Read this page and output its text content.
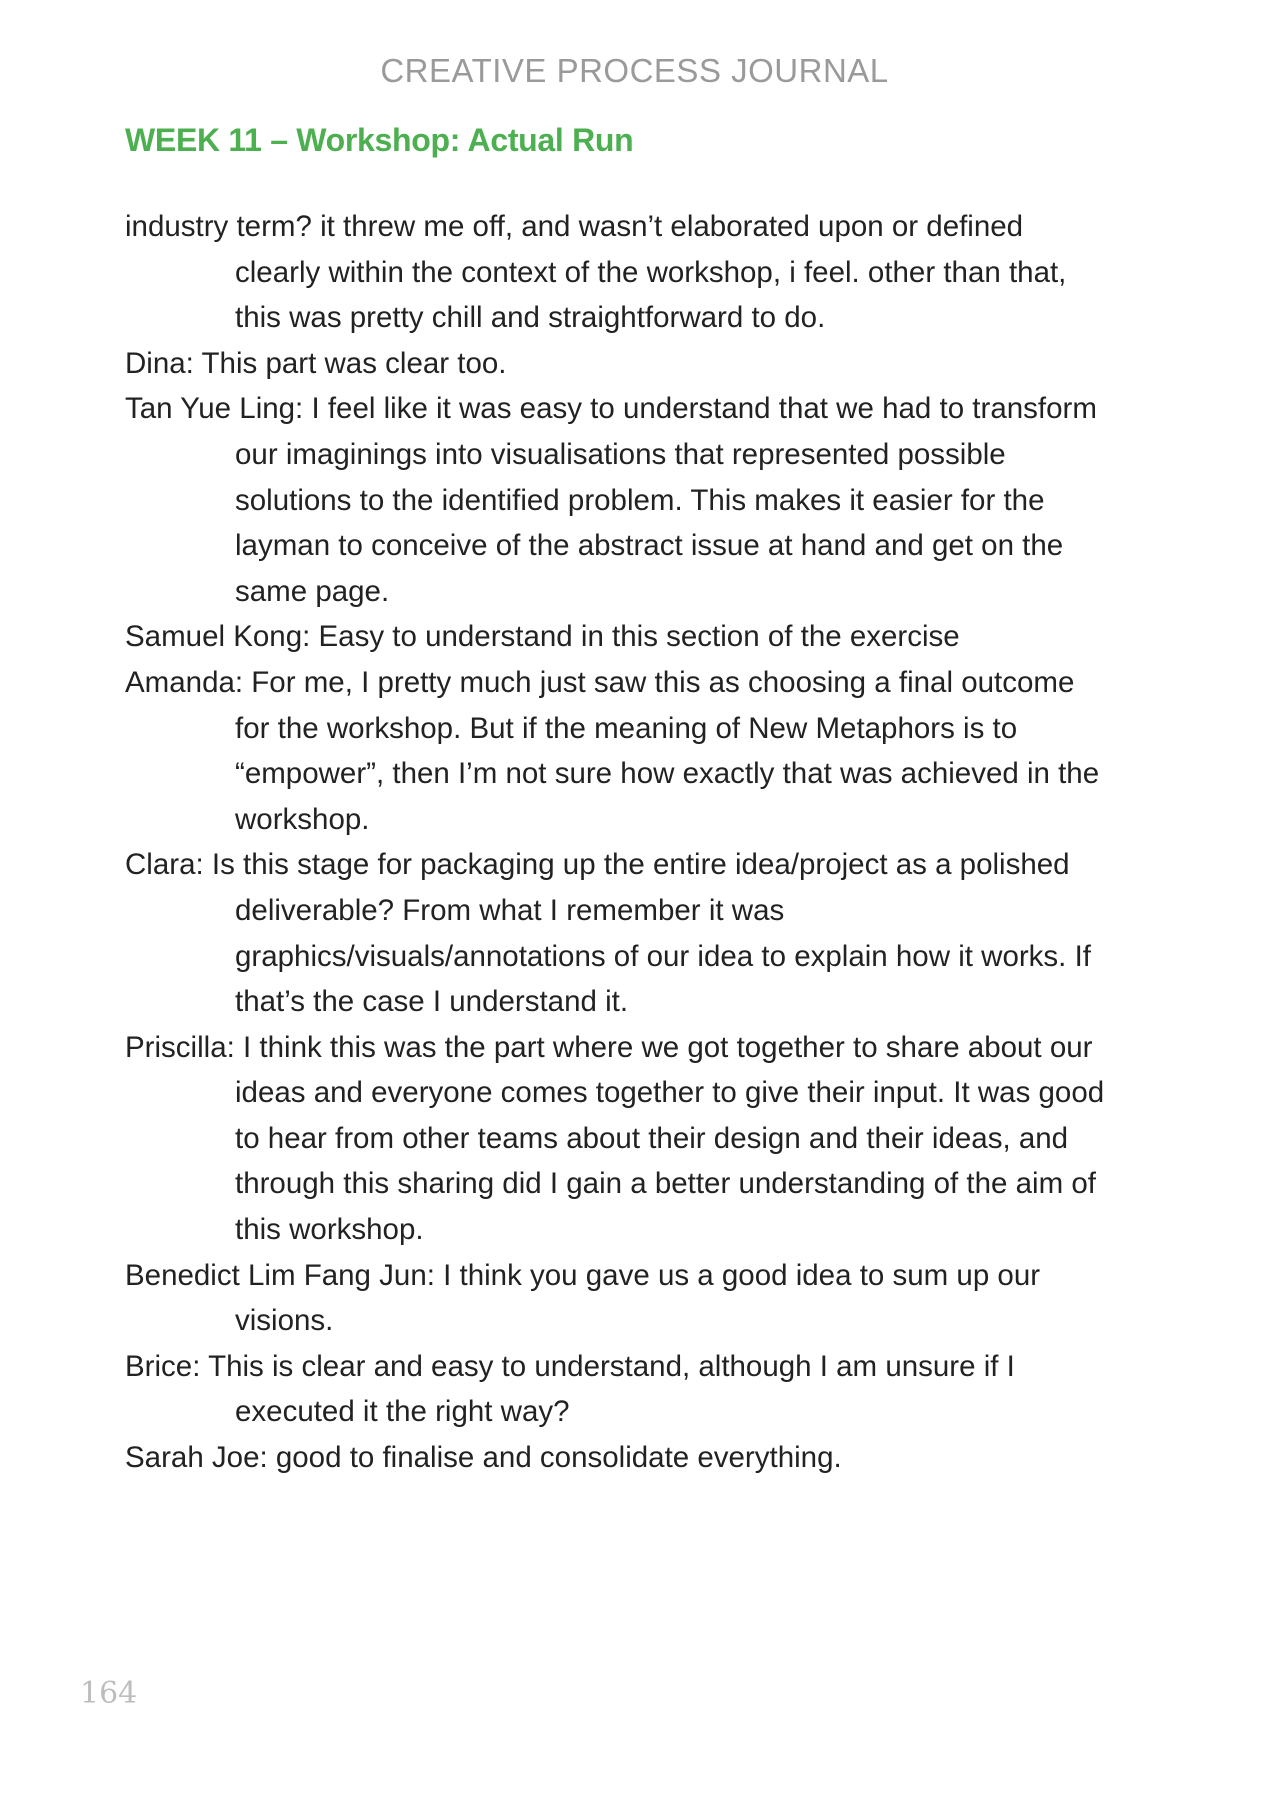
CREATIVE PROCESS JOURNAL
WEEK 11 – Workshop: Actual Run

industry term? it threw me off, and wasn’t elaborated upon or defined clearly within the context of the workshop, i feel. other than that, this was pretty chill and straightforward to do.

Dina: This part was clear too.

Tan Yue Ling: I feel like it was easy to understand that we had to transform our imaginings into visualisations that represented possible solutions to the identified problem. This makes it easier for the layman to conceive of the abstract issue at hand and get on the same page.

Samuel Kong: Easy to understand in this section of the exercise

Amanda: For me, I pretty much just saw this as choosing a final outcome for the workshop. But if the meaning of New Metaphors is to “empower”, then I’m not sure how exactly that was achieved in the workshop.

Clara: Is this stage for packaging up the entire idea/project as a polished deliverable? From what I remember it was graphics/visuals/annotations of our idea to explain how it works. If that’s the case I understand it.

Priscilla: I think this was the part where we got together to share about our ideas and everyone comes together to give their input. It was good to hear from other teams about their design and their ideas, and through this sharing did I gain a better understanding of the aim of this workshop.

Benedict Lim Fang Jun: I think you gave us a good idea to sum up our visions.

Brice: This is clear and easy to understand, although I am unsure if I executed it the right way?

Sarah Joe: good to finalise and consolidate everything.

164
